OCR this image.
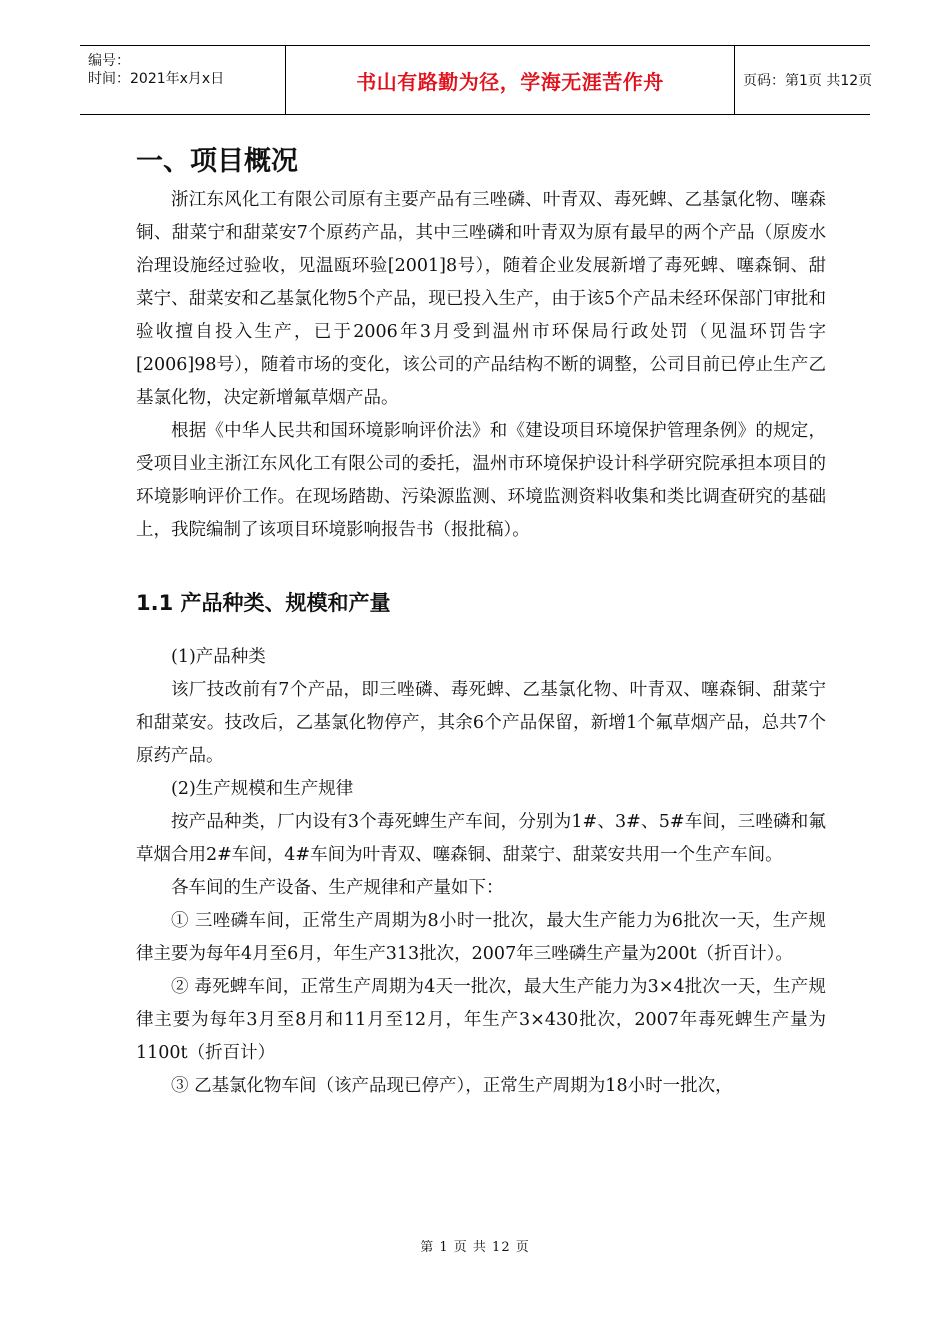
编号：
时间：2021年x月x日	书山有路勤为径，学海无涯苦作舟	页码：第1页 共12页
一、项目概况

浙江东风化工有限公司原有主要产品有三唑磷、叶青双、毒死蜱、乙基氯化物、噻森铜、甜菜宁和甜菜安7个原药产品，其中三唑磷和叶青双为原有最早的两个产品（原废水治理设施经过验收，见温瓯环验[2001]8号），随着企业发展新增了毒死蜱、噻森铜、甜菜宁、甜菜安和乙基氯化物5个产品，现已投入生产，由于该5个产品未经环保部门审批和验收擅自投入生产，已于2006年3月受到温州市环保局行政处罚（见温环罚告字[2006]98号），随着市场的变化，该公司的产品结构不断的调整，公司目前已停止生产乙基氯化物，决定新增氟草烟产品。

根据《中华人民共和国环境影响评价法》和《建设项目环境保护管理条例》的规定，受项目业主浙江东风化工有限公司的委托，温州市环境保护设计科学研究院承担本项目的环境影响评价工作。在现场踏勘、污染源监测、环境监测资料收集和类比调查研究的基础上，我院编制了该项目环境影响报告书（报批稿）。

1.1 产品种类、规模和产量

(1)产品种类

该厂技改前有7个产品，即三唑磷、毒死蜱、乙基氯化物、叶青双、噻森铜、甜菜宁和甜菜安。技改后，乙基氯化物停产，其余6个产品保留，新增1个氟草烟产品，总共7个原药产品。

(2)生产规模和生产规律

按产品种类，厂内设有3个毒死蜱生产车间，分别为1#、3#、5#车间，三唑磷和氟草烟合用2#车间，4#车间为叶青双、噻森铜、甜菜宁、甜菜安共用一个生产车间。

各车间的生产设备、生产规律和产量如下：

① 三唑磷车间，正常生产周期为8小时一批次，最大生产能力为6批次一天，生产规律主要为每年4月至6月，年生产313批次，2007年三唑磷生产量为200t（折百计）。

② 毒死蜱车间，正常生产周期为4天一批次，最大生产能力为3×4批次一天，生产规律主要为每年3月至8月和11月至12月，年生产3×430批次，2007年毒死蜱生产量为1100t（折百计）

③ 乙基氯化物车间（该产品现已停产），正常生产周期为18小时一批次，

第 1 页 共 12 页
